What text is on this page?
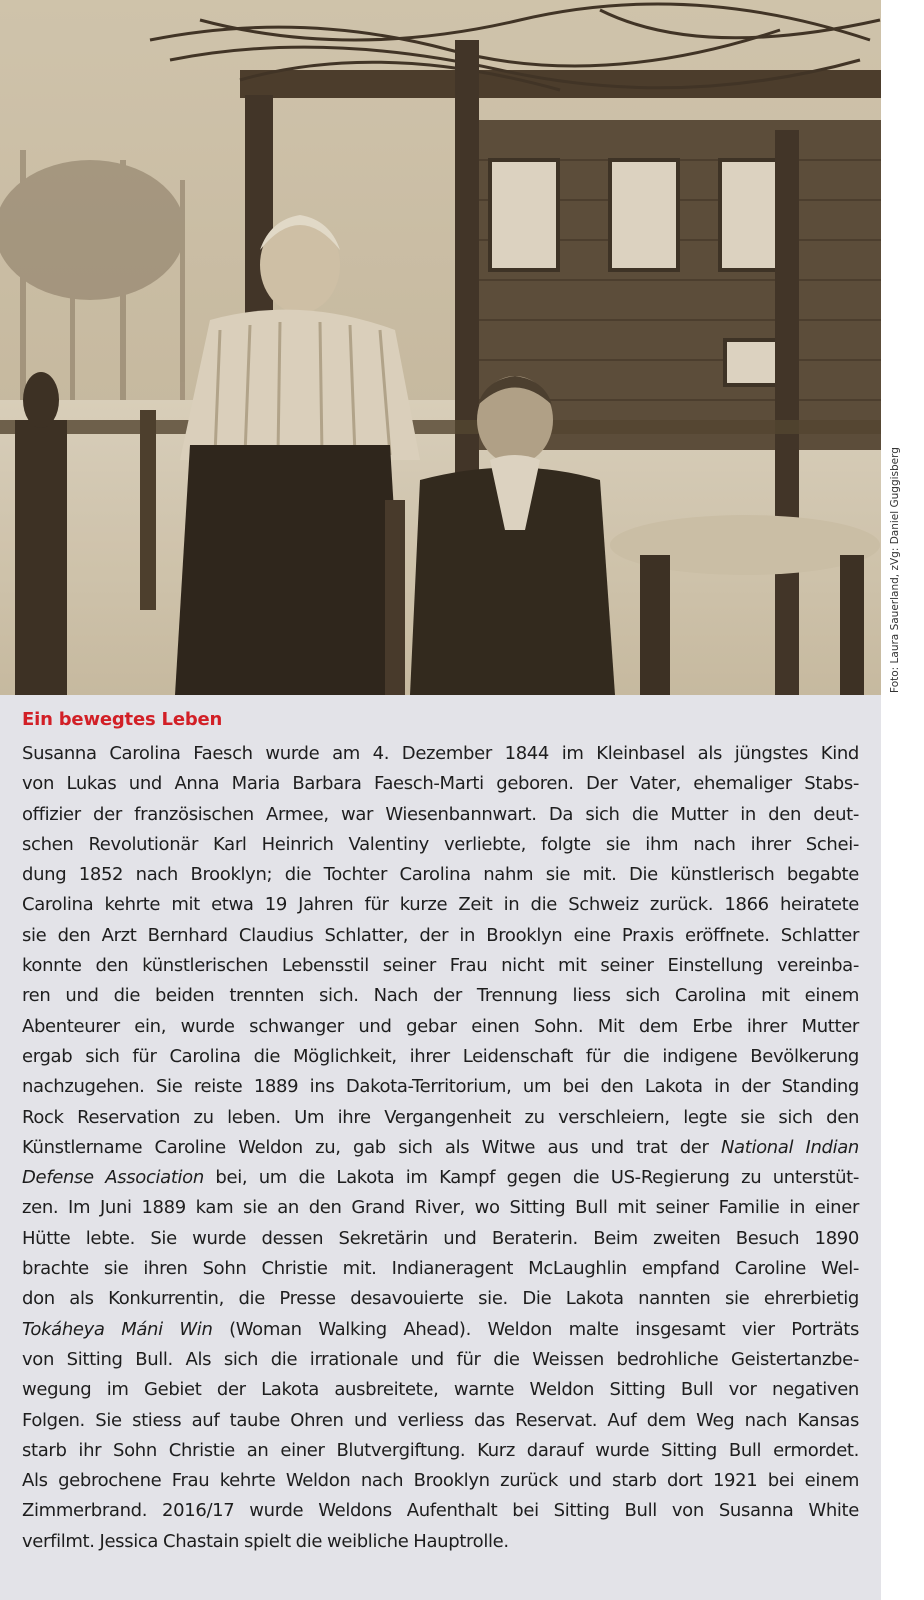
Foto: Laura Sauerland, zVg: Daniel Guggisberg
Ein bewegtes Leben
Susanna Carolina Faesch wurde am 4. Dezember 1844 im Kleinbasel als jüngstes Kind
von Lukas und Anna Maria Barbara Faesch-Marti geboren. Der Vater, ehemaliger Stabs-
offizier der französischen Armee, war Wiesenbannwart. Da sich die Mutter in den deut-
schen Revolutionär Karl Heinrich Valentiny verliebte, folgte sie ihm nach ihrer Schei-
dung 1852 nach Brooklyn; die Tochter Carolina nahm sie mit. Die künstlerisch begabte
Carolina kehrte mit etwa 19 Jahren für kurze Zeit in die Schweiz zurück. 1866 heiratete
sie den Arzt Bernhard Claudius Schlatter, der in Brooklyn eine Praxis eröffnete. Schlatter
konnte den künstlerischen Lebensstil seiner Frau nicht mit seiner Einstellung vereinba-
ren und die beiden trennten sich. Nach der Trennung liess sich Carolina mit einem
Abenteurer ein, wurde schwanger und gebar einen Sohn. Mit dem Erbe ihrer Mutter
ergab sich für Carolina die Möglichkeit, ihrer Leidenschaft für die indigene Bevölkerung
nachzugehen. Sie reiste 1889 ins Dakota-Territorium, um bei den Lakota in der Standing
Rock Reservation zu leben. Um ihre Vergangenheit zu verschleiern, legte sie sich den
Künstlername Caroline Weldon zu, gab sich als Witwe aus und trat der National Indian
Defense Association bei, um die Lakota im Kampf gegen die US-Regierung zu unterstüt-
zen. Im Juni 1889 kam sie an den Grand River, wo Sitting Bull mit seiner Familie in einer
Hütte lebte. Sie wurde dessen Sekretärin und Beraterin. Beim zweiten Besuch 1890
brachte sie ihren Sohn Christie mit. Indianeragent McLaughlin empfand Caroline Wel-
don als Konkurrentin, die Presse desavouierte sie. Die Lakota nannten sie ehrerbietig
Tokáheya Máni Win (Woman Walking Ahead). Weldon malte insgesamt vier Porträts
von Sitting Bull. Als sich die irrationale und für die Weissen bedrohliche Geistertanzbe-
wegung im Gebiet der Lakota ausbreitete, warnte Weldon Sitting Bull vor negativen
Folgen. Sie stiess auf taube Ohren und verliess das Reservat. Auf dem Weg nach Kansas
starb ihr Sohn Christie an einer Blutvergiftung. Kurz darauf wurde Sitting Bull ermordet.
Als gebrochene Frau kehrte Weldon nach Brooklyn zurück und starb dort 1921 bei einem
Zimmerbrand. 2016/17 wurde Weldons Aufenthalt bei Sitting Bull von Susanna White
verfilmt. Jessica Chastain spielt die weibliche Hauptrolle.
